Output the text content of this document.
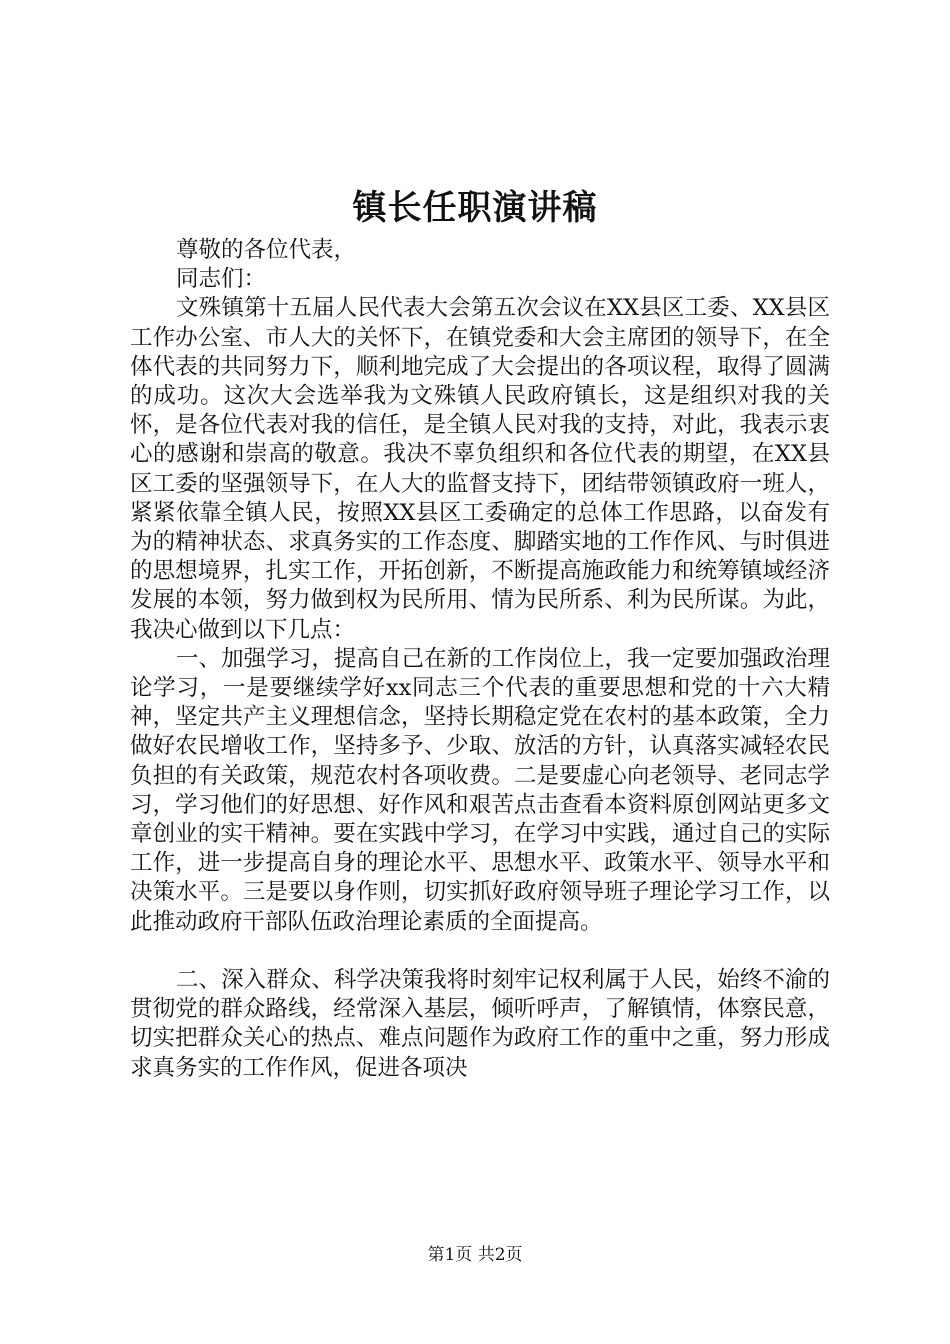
镇长任职演讲稿

尊敬的各位代表，

同志们：

文殊镇第十五届人民代表大会第五次会议在XX县区工委、XX县区工作办公室、市人大的关怀下，在镇党委和大会主席团的领导下，在全体代表的共同努力下，顺利地完成了大会提出的各项议程，取得了圆满的成功。这次大会选举我为文殊镇人民政府镇长，这是组织对我的关怀，是各位代表对我的信任，是全镇人民对我的支持，对此，我表示衷心的感谢和崇高的敬意。我决不辜负组织和各位代表的期望，在XX县区工委的坚强领导下，在人大的监督支持下，团结带领镇政府一班人，紧紧依靠全镇人民，按照XX县区工委确定的总体工作思路，以奋发有为的精神状态、求真务实的工作态度、脚踏实地的工作作风、与时俱进的思想境界，扎实工作，开拓创新，不断提高施政能力和统筹镇域经济发展的本领，努力做到权为民所用、情为民所系、利为民所谋。为此，我决心做到以下几点：

一、加强学习，提高自己在新的工作岗位上，我一定要加强政治理论学习，一是要继续学好xx同志三个代表的重要思想和党的十六大精神，坚定共产主义理想信念，坚持长期稳定党在农村的基本政策，全力做好农民增收工作，坚持多予、少取、放活的方针，认真落实减轻农民负担的有关政策，规范农村各项收费。二是要虚心向老领导、老同志学习，学习他们的好思想、好作风和艰苦点击查看本资料原创网站更多文章创业的实干精神。要在实践中学习，在学习中实践，通过自己的实际工作，进一步提高自身的理论水平、思想水平、政策水平、领导水平和决策水平。三是要以身作则，切实抓好政府领导班子理论学习工作，以此推动政府干部队伍政治理论素质的全面提高。

二、深入群众、科学决策我将时刻牢记权利属于人民，始终不渝的贯彻党的群众路线，经常深入基层，倾听呼声，了解镇情，体察民意，切实把群众关心的热点、难点问题作为政府工作的重中之重，努力形成求真务实的工作作风，促进各项决

第1页 共2页
